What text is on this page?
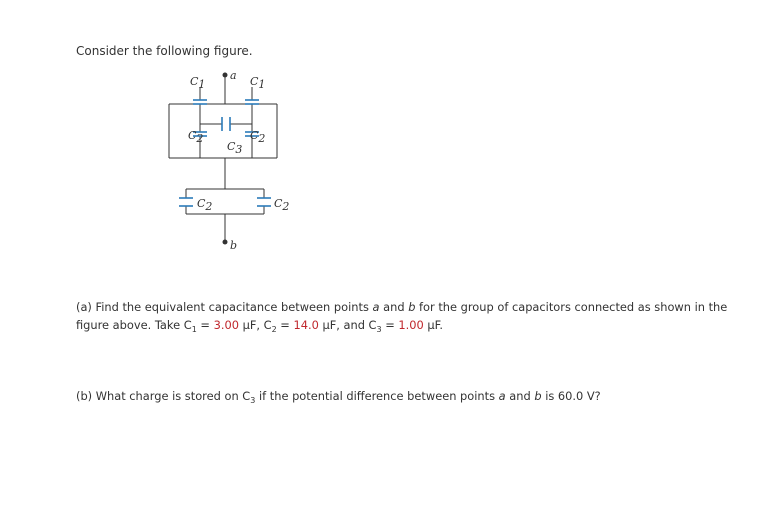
Consider the following figure.

a
b
C1	C1
C2	C2
C3
C2	C2

(a) Find the equivalent capacitance between points a and b for the group of capacitors connected as shown in the figure above. Take $C_1 = 3.00$ µF, $C_2 = 14.0$ µF, and $C_3 = 1.00$ µF.

(b) What charge is stored on $C_3$ if the potential difference between points a and b is 60.0 V?
